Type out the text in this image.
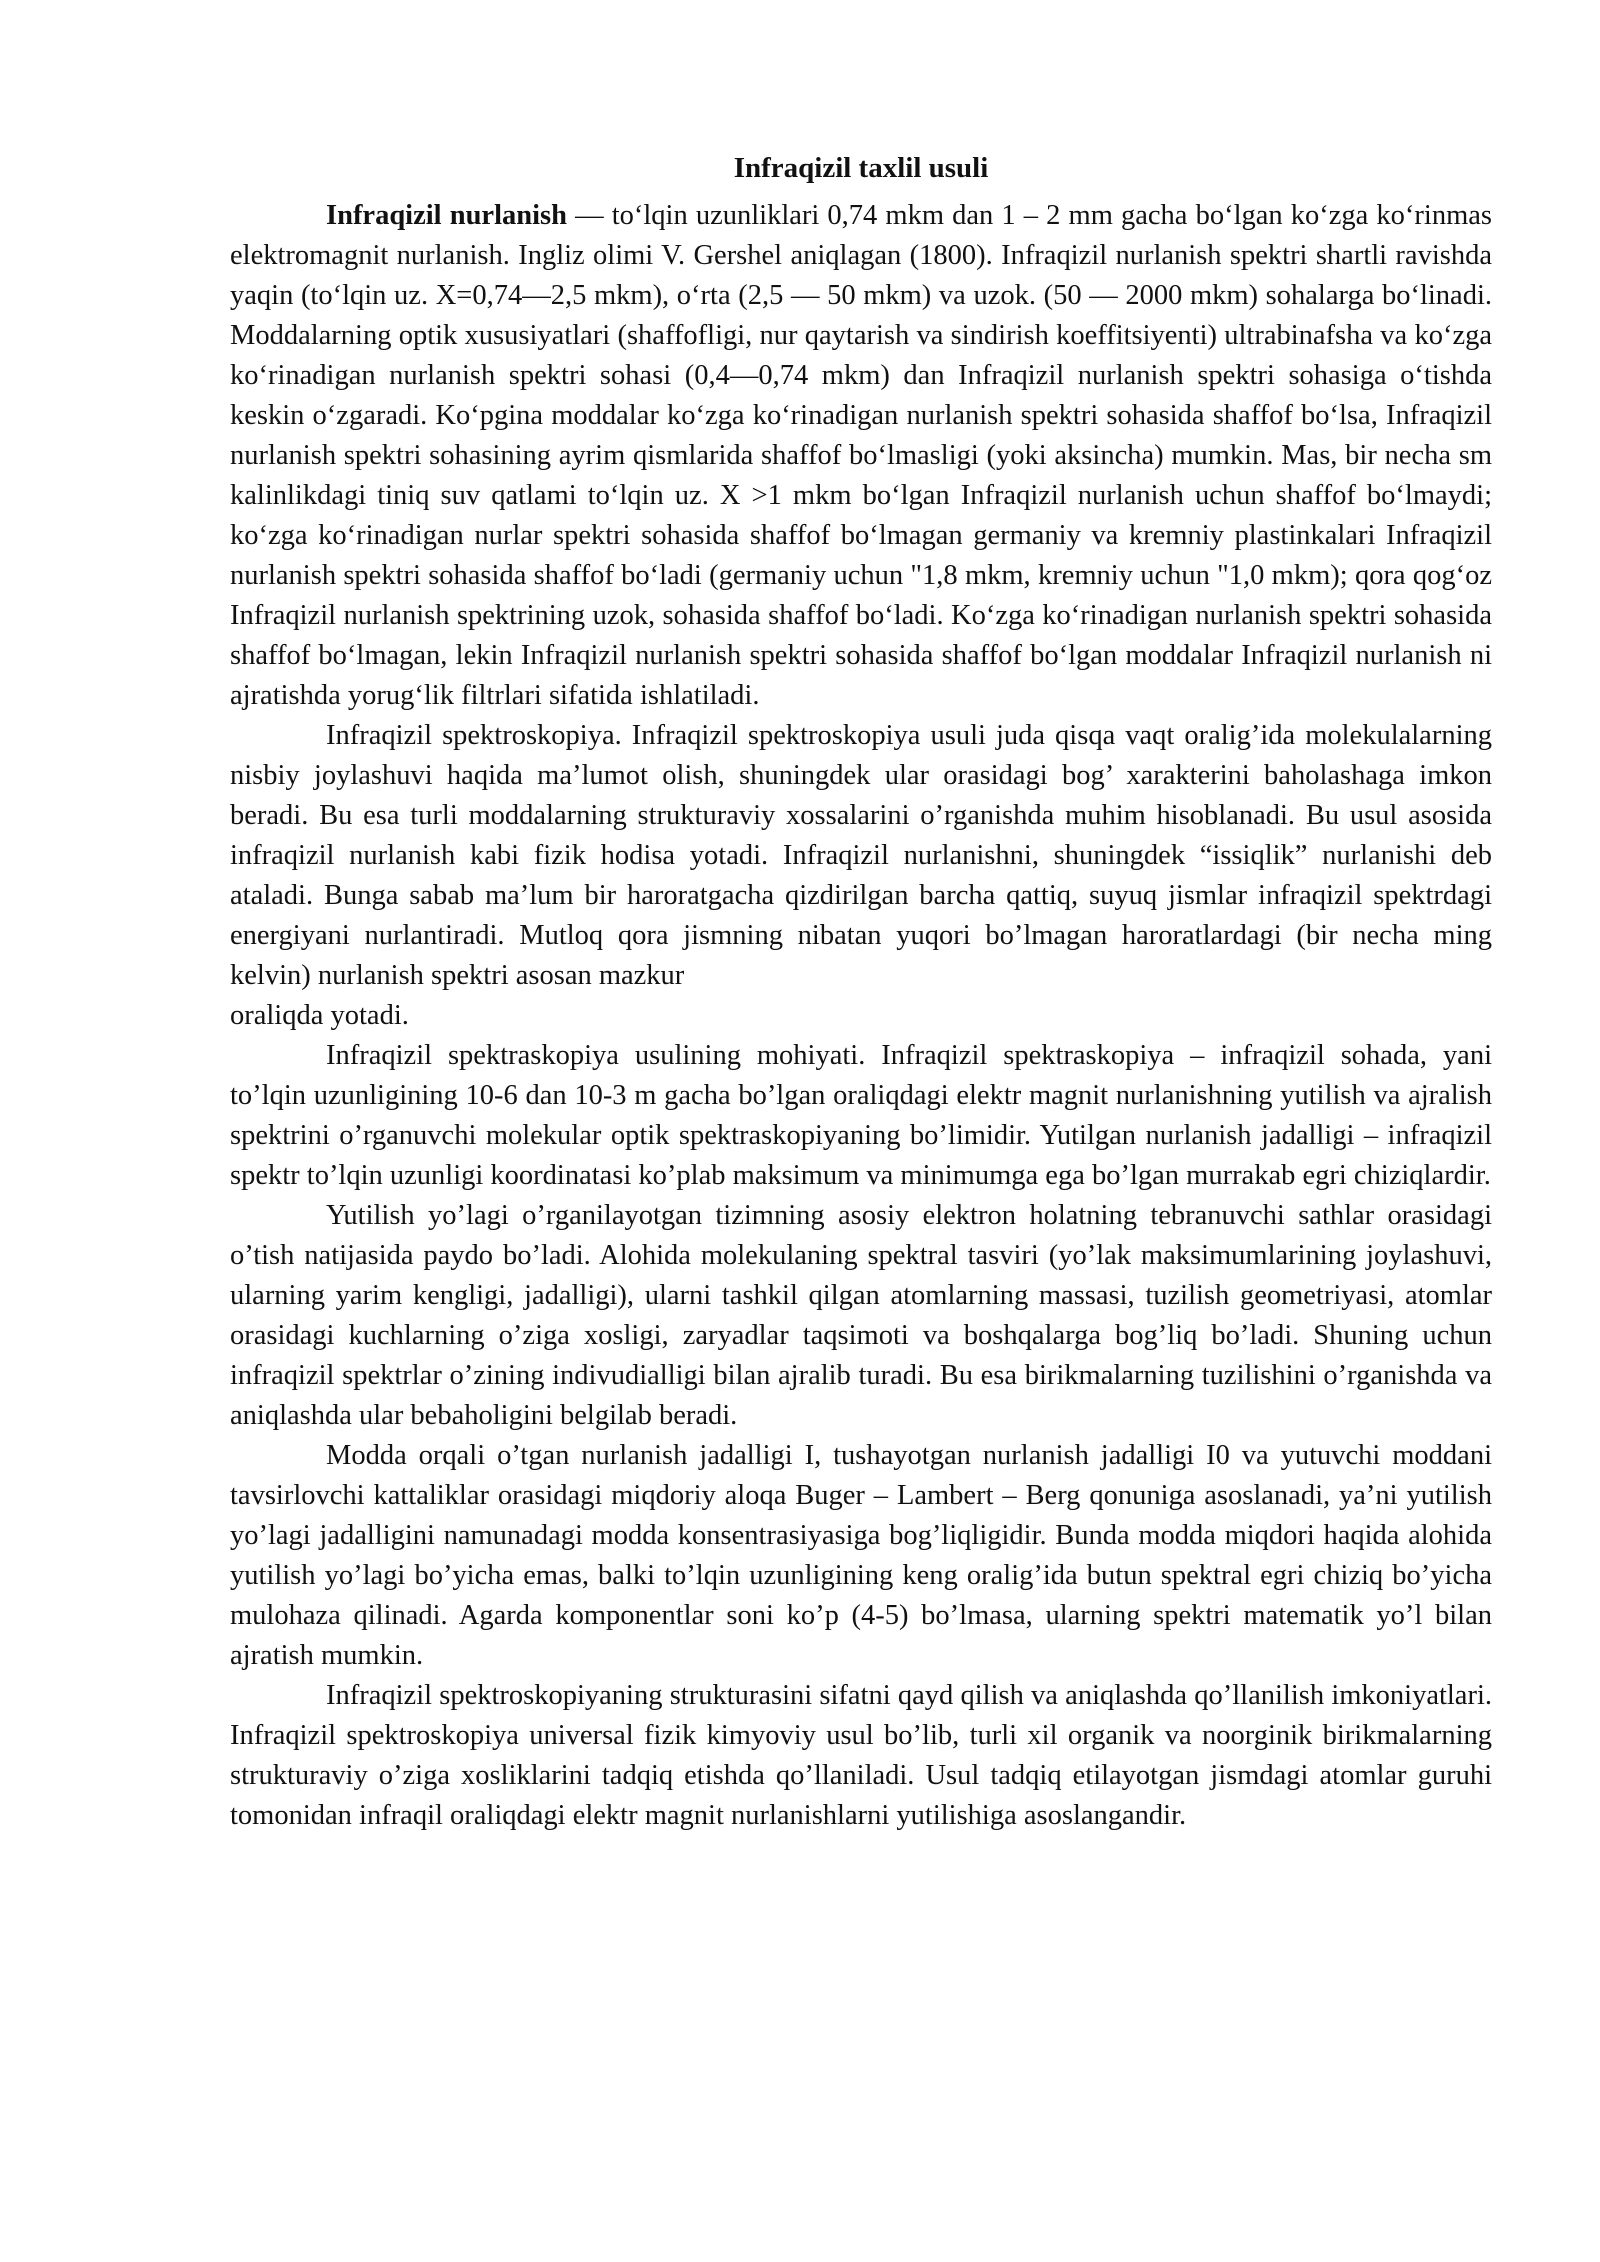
Infraqizil taxlil usuli

Infraqizil nurlanish — toʻlqin uzunliklari 0,74 mkm dan 1 – 2 mm gacha boʻlgan koʻzga koʻrinmas elektromagnit nurlanish. Ingliz olimi V. Gershel aniqlagan (1800). Infraqizil nurlanish spektri shartli ravishda yaqin (toʻlqin uz. X=0,74—2,5 mkm), oʻrta (2,5 — 50 mkm) va uzok. (50 — 2000 mkm) sohalarga boʻlinadi. Moddalarning optik xususiyatlari (shaffofligi, nur qaytarish va sindirish koeffitsiyenti) ultrabinafsha va koʻzga koʻrinadigan nurlanish spektri sohasi (0,4—0,74 mkm) dan Infraqizil nurlanish spektri sohasiga oʻtishda keskin oʻzgaradi. Koʻpgina moddalar koʻzga koʻrinadigan nurlanish spektri sohasida shaffof boʻlsa, Infraqizil nurlanish spektri sohasining ayrim qismlarida shaffof boʻlmasligi (yoki aksincha) mumkin. Mas, bir necha sm kalinlikdagi tiniq suv qatlami toʻlqin uz. X >1 mkm boʻlgan Infraqizil nurlanish uchun shaffof boʻlmaydi; koʻzga koʻrinadigan nurlar spektri sohasida shaffof boʻlmagan germaniy va kremniy plastinkalari Infraqizil nurlanish spektri sohasida shaffof boʻladi (germaniy uchun "1,8 mkm, kremniy uchun "1,0 mkm); qora qogʻoz Infraqizil nurlanish spektrining uzok, sohasida shaffof boʻladi. Koʻzga koʻrinadigan nurlanish spektri sohasida shaffof boʻlmagan, lekin Infraqizil nurlanish spektri sohasida shaffof boʻlgan moddalar Infraqizil nurlanish ni ajratishda yorugʻlik filtrlari sifatida ishlatiladi.

Infraqizil spektroskopiya. Infraqizil spektroskopiya usuli juda qisqa vaqt oralig’ida molekulalarning nisbiy joylashuvi haqida ma’lumot olish, shuningdek ular orasidagi bog’ xarakterini baholashaga imkon beradi. Bu esa turli moddalarning strukturaviy xossalarini o’rganishda muhim hisoblanadi. Bu usul asosida infraqizil nurlanish kabi fizik hodisa yotadi. Infraqizil nurlanishni, shuningdek “issiqlik” nurlanishi deb ataladi. Bunga sabab ma’lum bir haroratgacha qizdirilgan barcha qattiq, suyuq jismlar infraqizil spektrdagi energiyani nurlantiradi. Mutloq qora jismning nibatan yuqori bo’lmagan haroratlardagi (bir necha ming kelvin) nurlanish spektri asosan mazkur
oraliqda yotadi.

Infraqizil spektraskopiya usulining mohiyati. Infraqizil spektraskopiya – infraqizil sohada, yani to’lqin uzunligining 10-6 dan 10-3 m gacha bo’lgan oraliqdagi elektr magnit nurlanishning yutilish va ajralish spektrini o’rganuvchi molekular optik spektraskopiyaning bo’limidir. Yutilgan nurlanish jadalligi – infraqizil spektr to’lqin uzunligi koordinatasi ko’plab maksimum va minimumga ega bo’lgan murrakab egri chiziqlardir.

Yutilish yo’lagi o’rganilayotgan tizimning asosiy elektron holatning tebranuvchi sathlar orasidagi o’tish natijasida paydo bo’ladi. Alohida molekulaning spektral tasviri (yo’lak maksimumlarining joylashuvi, ularning yarim kengligi, jadalligi), ularni tashkil qilgan atomlarning massasi, tuzilish geometriyasi, atomlar orasidagi kuchlarning o’ziga xosligi, zaryadlar taqsimoti va boshqalarga bog’liq bo’ladi. Shuning uchun infraqizil spektrlar o’zining indivudialligi bilan ajralib turadi. Bu esa birikmalarning tuzilishini o’rganishda va aniqlashda ular bebaholigini belgilab beradi.

Modda orqali o’tgan nurlanish jadalligi I, tushayotgan nurlanish jadalligi I0 va yutuvchi moddani tavsirlovchi kattaliklar orasidagi miqdoriy aloqa Buger – Lambert – Berg qonuniga asoslanadi, ya’ni yutilish yo’lagi jadalligini namunadagi modda konsentrasiyasiga bog’liqligidir. Bunda modda miqdori haqida alohida yutilish yo’lagi bo’yicha emas, balki to’lqin uzunligining keng oralig’ida butun spektral egri chiziq bo’yicha mulohaza qilinadi. Agarda komponentlar soni ko’p (4-5) bo’lmasa, ularning spektri matematik yo’l bilan ajratish mumkin.

Infraqizil spektroskopiyaning strukturasini sifatni qayd qilish va aniqlashda qo’llanilish imkoniyatlari. Infraqizil spektroskopiya universal fizik kimyoviy usul bo’lib, turli xil organik va noorginik birikmalarning strukturaviy o’ziga xosliklarini tadqiq etishda qo’llaniladi. Usul tadqiq etilayotgan jismdagi atomlar guruhi tomonidan infraqil oraliqdagi elektr magnit nurlanishlarni yutilishiga asoslangandir.
